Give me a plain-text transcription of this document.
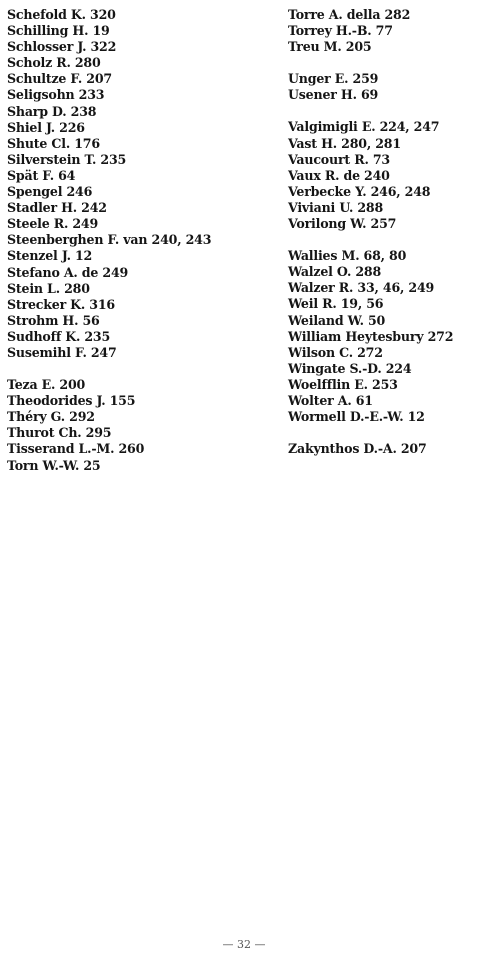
Schefold K. 320
Schilling H. 19
Schlosser J. 322
Scholz R. 280
Schultze F. 207
Seligsohn 233
Sharp D. 238
Shiel J. 226
Shute Cl. 176
Silverstein T. 235
Spät F. 64
Spengel 246
Stadler H. 242
Steele R. 249
Steenberghen F. van 240, 243
Stenzel J. 12
Stefano A. de 249
Stein L. 280
Strecker K. 316
Strohm H. 56
Sudhoff K. 235
Susemihl F. 247
Teza E. 200
Theodorides J. 155
Théry G. 292
Thurot Ch. 295
Tisserand L.-M. 260
Torn W.-W. 25
Torre A. della 282
Torrey H.-B. 77
Treu M. 205
Unger E. 259
Usener H. 69
Valgimigli E. 224, 247
Vast H. 280, 281
Vaucourt R. 73
Vaux R. de 240
Verbecke Y. 246, 248
Viviani U. 288
Vorilong W. 257
Wallies M. 68, 80
Walzel O. 288
Walzer R. 33, 46, 249
Weil R. 19, 56
Weiland W. 50
William Heytesbury 272
Wilson C. 272
Wingate S.-D. 224
Woelfflin E. 253
Wolter A. 61
Wormell D.-E.-W. 12
Zakynthos D.-A. 207
— 32 —
